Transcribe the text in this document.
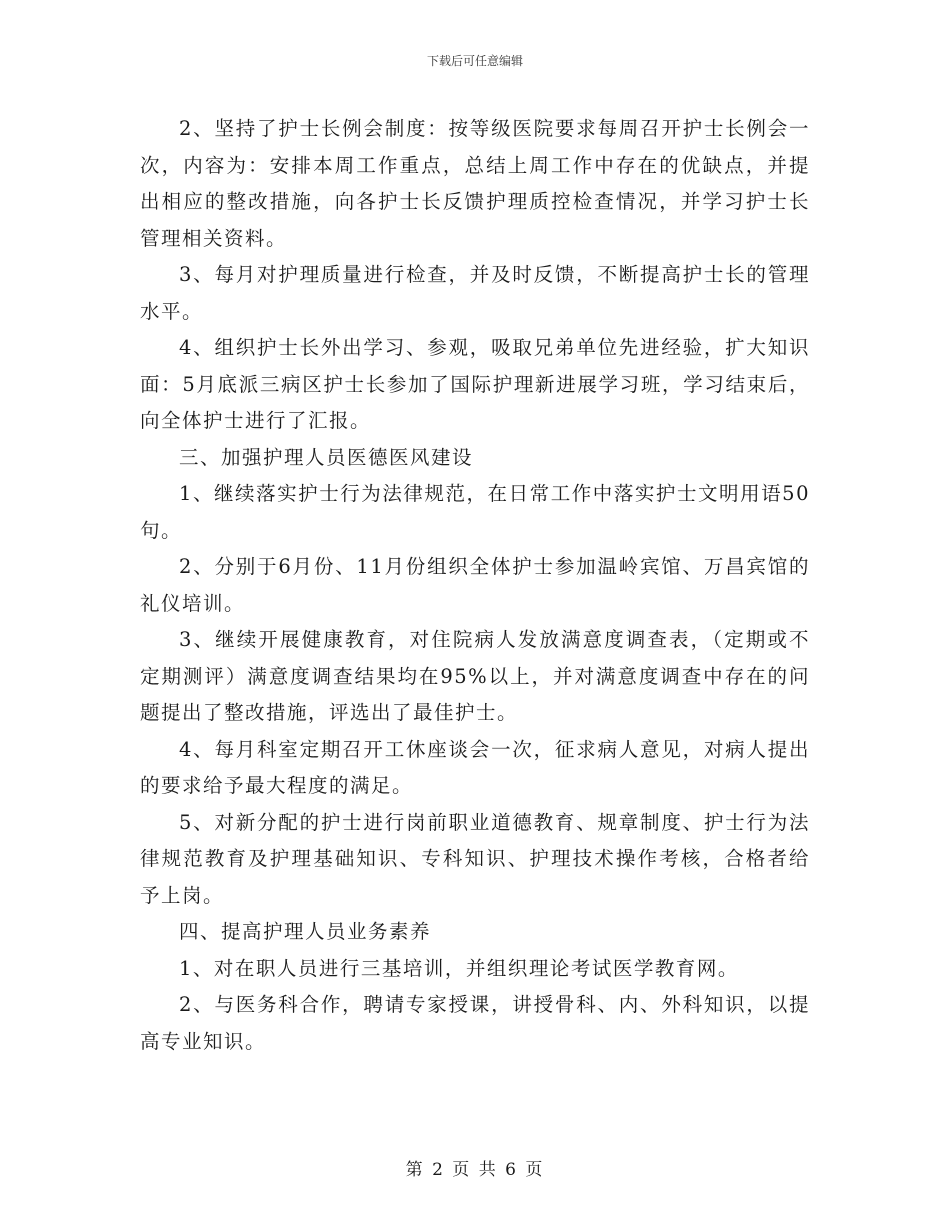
下载后可任意编辑

2、坚持了护士长例会制度：按等级医院要求每周召开护士长例会一次，内容为：安排本周工作重点，总结上周工作中存在的优缺点，并提出相应的整改措施，向各护士长反馈护理质控检查情况，并学习护士长管理相关资料。

3、每月对护理质量进行检查，并及时反馈，不断提高护士长的管理水平。

4、组织护士长外出学习、参观，吸取兄弟单位先进经验，扩大知识面：5月底派三病区护士长参加了国际护理新进展学习班，学习结束后，向全体护士进行了汇报。

三、加强护理人员医德医风建设

1、继续落实护士行为法律规范，在日常工作中落实护士文明用语50句。

2、分别于6月份、11月份组织全体护士参加温岭宾馆、万昌宾馆的礼仪培训。

3、继续开展健康教育，对住院病人发放满意度调查表，（定期或不定期测评）满意度调查结果均在95%以上，并对满意度调查中存在的问题提出了整改措施，评选出了最佳护士。

4、每月科室定期召开工休座谈会一次，征求病人意见，对病人提出的要求给予最大程度的满足。

5、对新分配的护士进行岗前职业道德教育、规章制度、护士行为法律规范教育及护理基础知识、专科知识、护理技术操作考核，合格者给予上岗。

四、提高护理人员业务素养

1、对在职人员进行三基培训，并组织理论考试医学教育网。

2、与医务科合作，聘请专家授课，讲授骨科、内、外科知识，以提高专业知识。

第 2 页 共 6 页
